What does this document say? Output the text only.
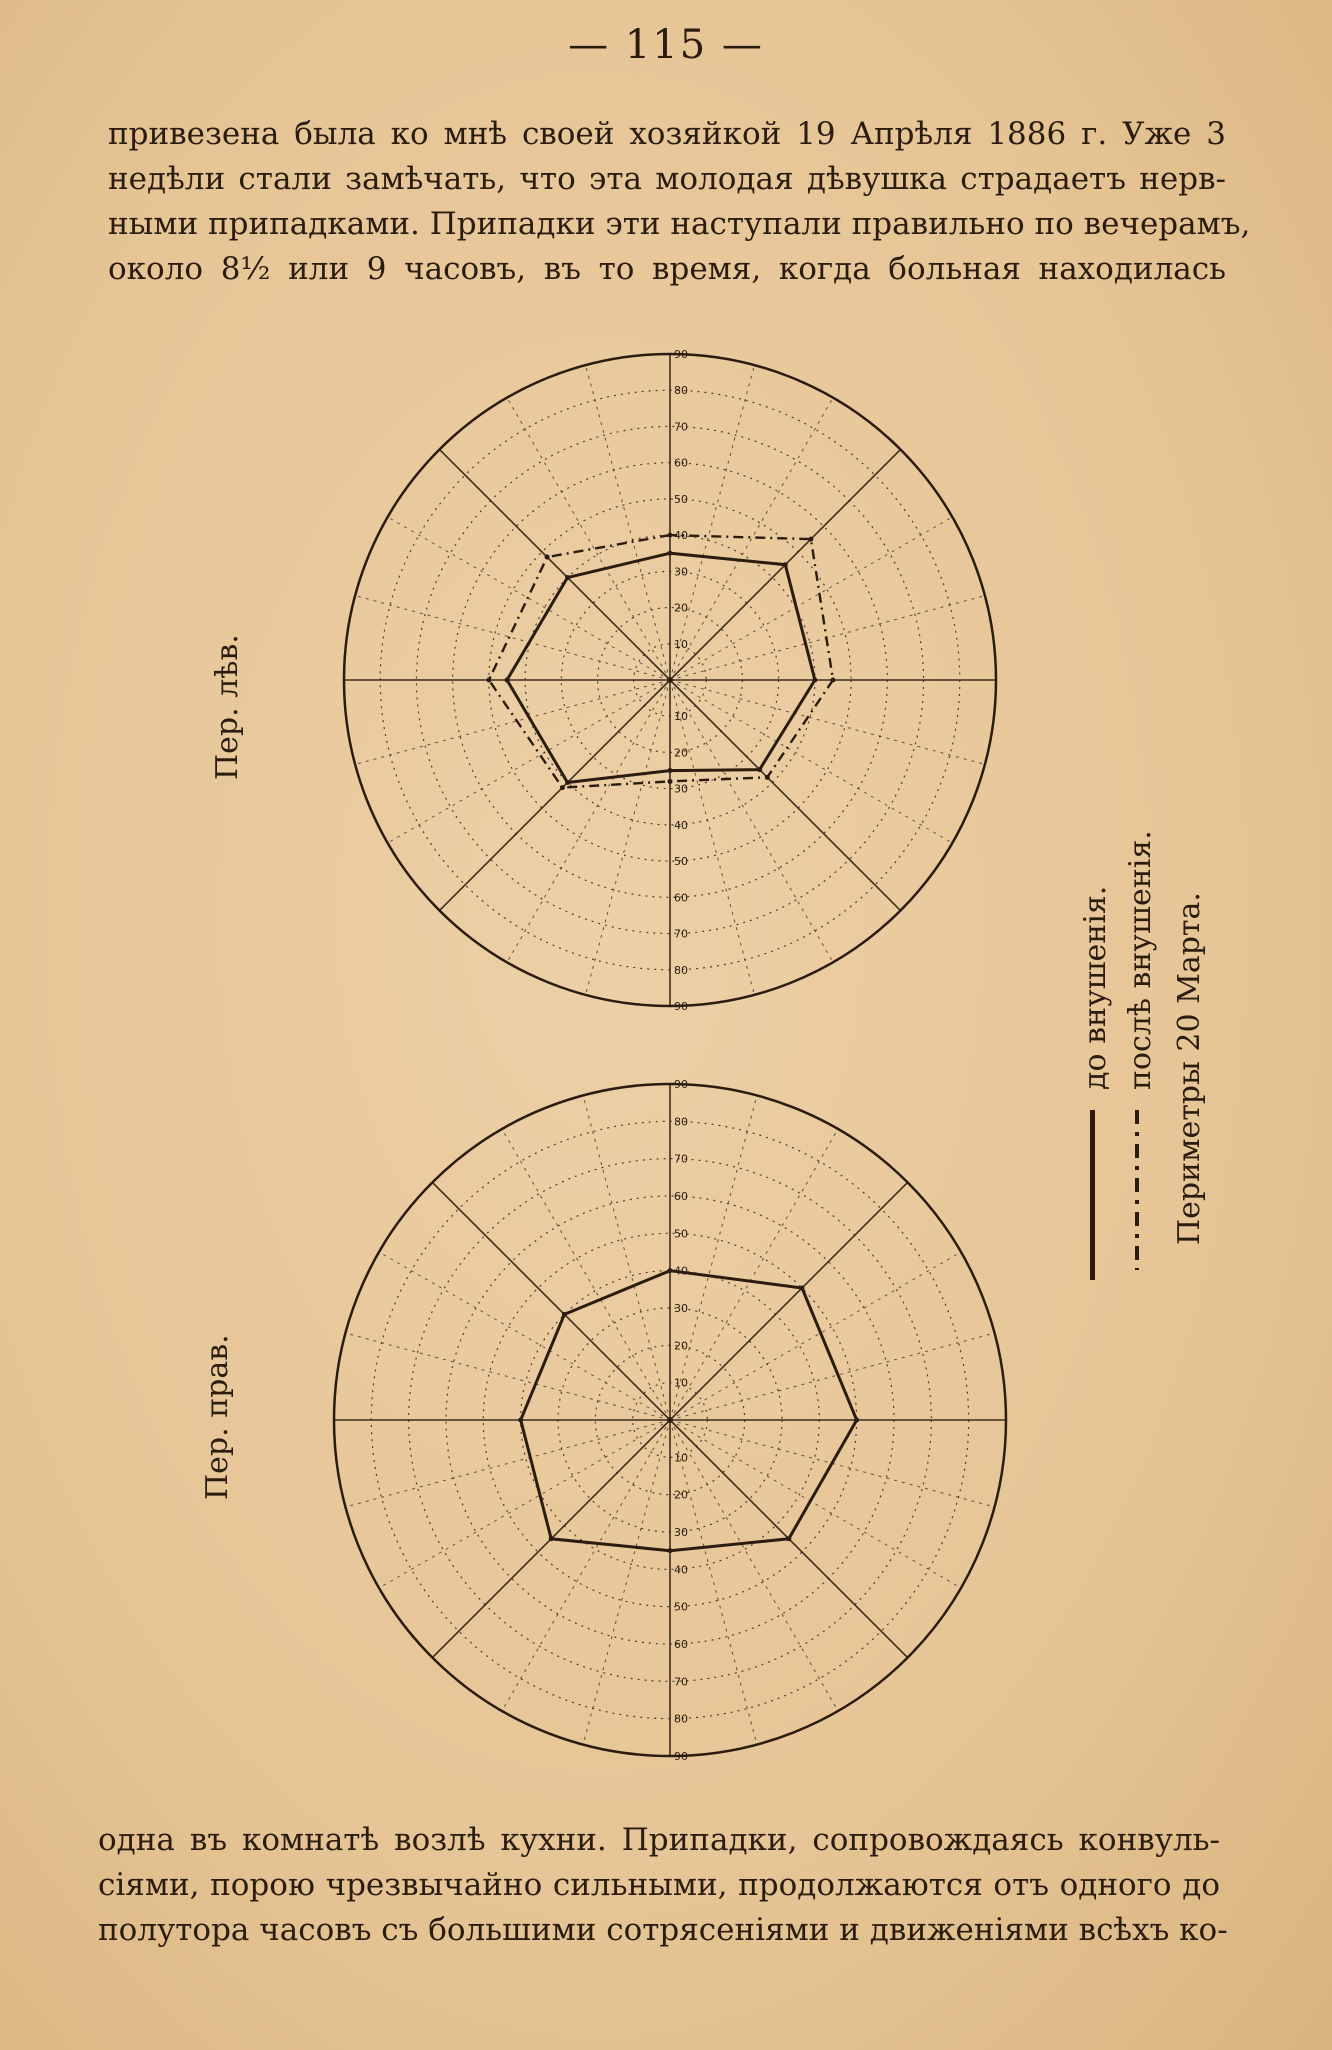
— 115 —
привезена была ко мнѣ своей хозяйкой 19 Апрѣля 1886 г. Уже 3
недѣли стали замѣчать, что эта молодая дѣвушка страдаетъ нерв-
ными припадками. Припадки эти наступали правильно по вечерамъ,
около 8½ или 9 часовъ, въ то время, когда больная находилась
Пер. лѣв.
Пер. прав.
10
10
20
20
30
30
40
40
50
50
60
60
70
70
80
80
90
90
10
10
20
20
30
30
40
40
50
50
60
60
70
70
80
80
90
90
до внушенія. послѣ внушенія. Периметры 20 Марта.
одна въ комнатѣ возлѣ кухни. Припадки, сопровождаясь конвуль-
сіями, порою чрезвычайно сильными, продолжаются отъ одного до
полутора часовъ съ большими сотрясеніями и движеніями всѣхъ ко-
